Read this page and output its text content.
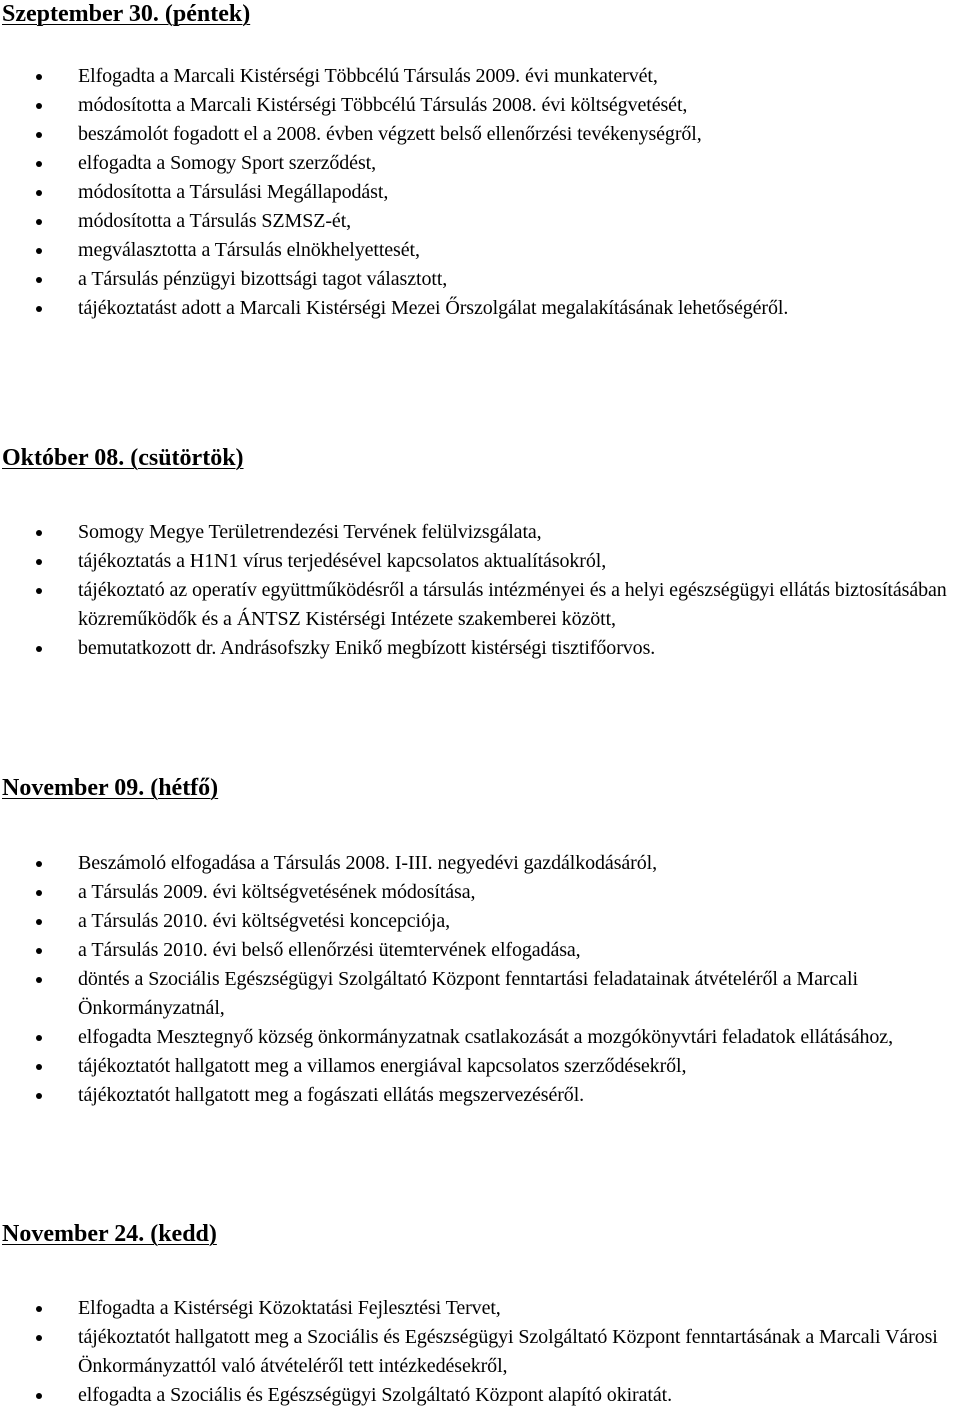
Szeptember 30. (péntek)
Elfogadta a Marcali Kistérségi Többcélú Társulás 2009. évi munkatervét,
módosította a Marcali Kistérségi Többcélú Társulás 2008. évi költségvetését,
beszámolót fogadott el a 2008. évben végzett belső ellenőrzési tevékenységről,
elfogadta a Somogy Sport szerződést,
módosította a Társulási Megállapodást,
módosította a Társulás SZMSZ-ét,
megválasztotta a Társulás elnökhelyettesét,
a Társulás pénzügyi bizottsági tagot választott,
tájékoztatást adott a Marcali Kistérségi Mezei Őrszolgálat megalakításának lehetőségéről.
Október 08. (csütörtök)
Somogy Megye Területrendezési Tervének felülvizsgálata,
tájékoztatás a H1N1 vírus terjedésével kapcsolatos aktualításokról,
tájékoztató az operatív együttműködésről a társulás intézményei és a helyi egészségügyi ellátás biztosításában közreműködők és a ÁNTSZ Kistérségi Intézete szakemberei között,
bemutatkozott dr. Andrásofszky Enikő megbízott kistérségi tisztifőorvos.
November 09. (hétfő)
Beszámoló elfogadása a Társulás 2008. I-III. negyedévi gazdálkodásáról,
a Társulás 2009. évi költségvetésének módosítása,
a Társulás 2010. évi költségvetési koncepciója,
a Társulás 2010. évi belső ellenőrzési ütemtervének elfogadása,
döntés a Szociális Egészségügyi Szolgáltató Központ fenntartási feladatainak átvételéről a Marcali Önkormányzatnál,
elfogadta Mesztegnyő község önkormányzatnak csatlakozását a mozgókönyvtári feladatok ellátásához,
tájékoztatót hallgatott meg a villamos energiával kapcsolatos szerződésekről,
tájékoztatót hallgatott meg a fogászati ellátás megszervezéséről.
November 24. (kedd)
Elfogadta a Kistérségi Közoktatási Fejlesztési Tervet,
tájékoztatót hallgatott meg a Szociális és Egészségügyi Szolgáltató Központ fenntartásának a Marcali Városi Önkormányzattól való átvételéről tett intézkedésekről,
elfogadta a Szociális és Egészségügyi Szolgáltató Központ alapító okiratát.
